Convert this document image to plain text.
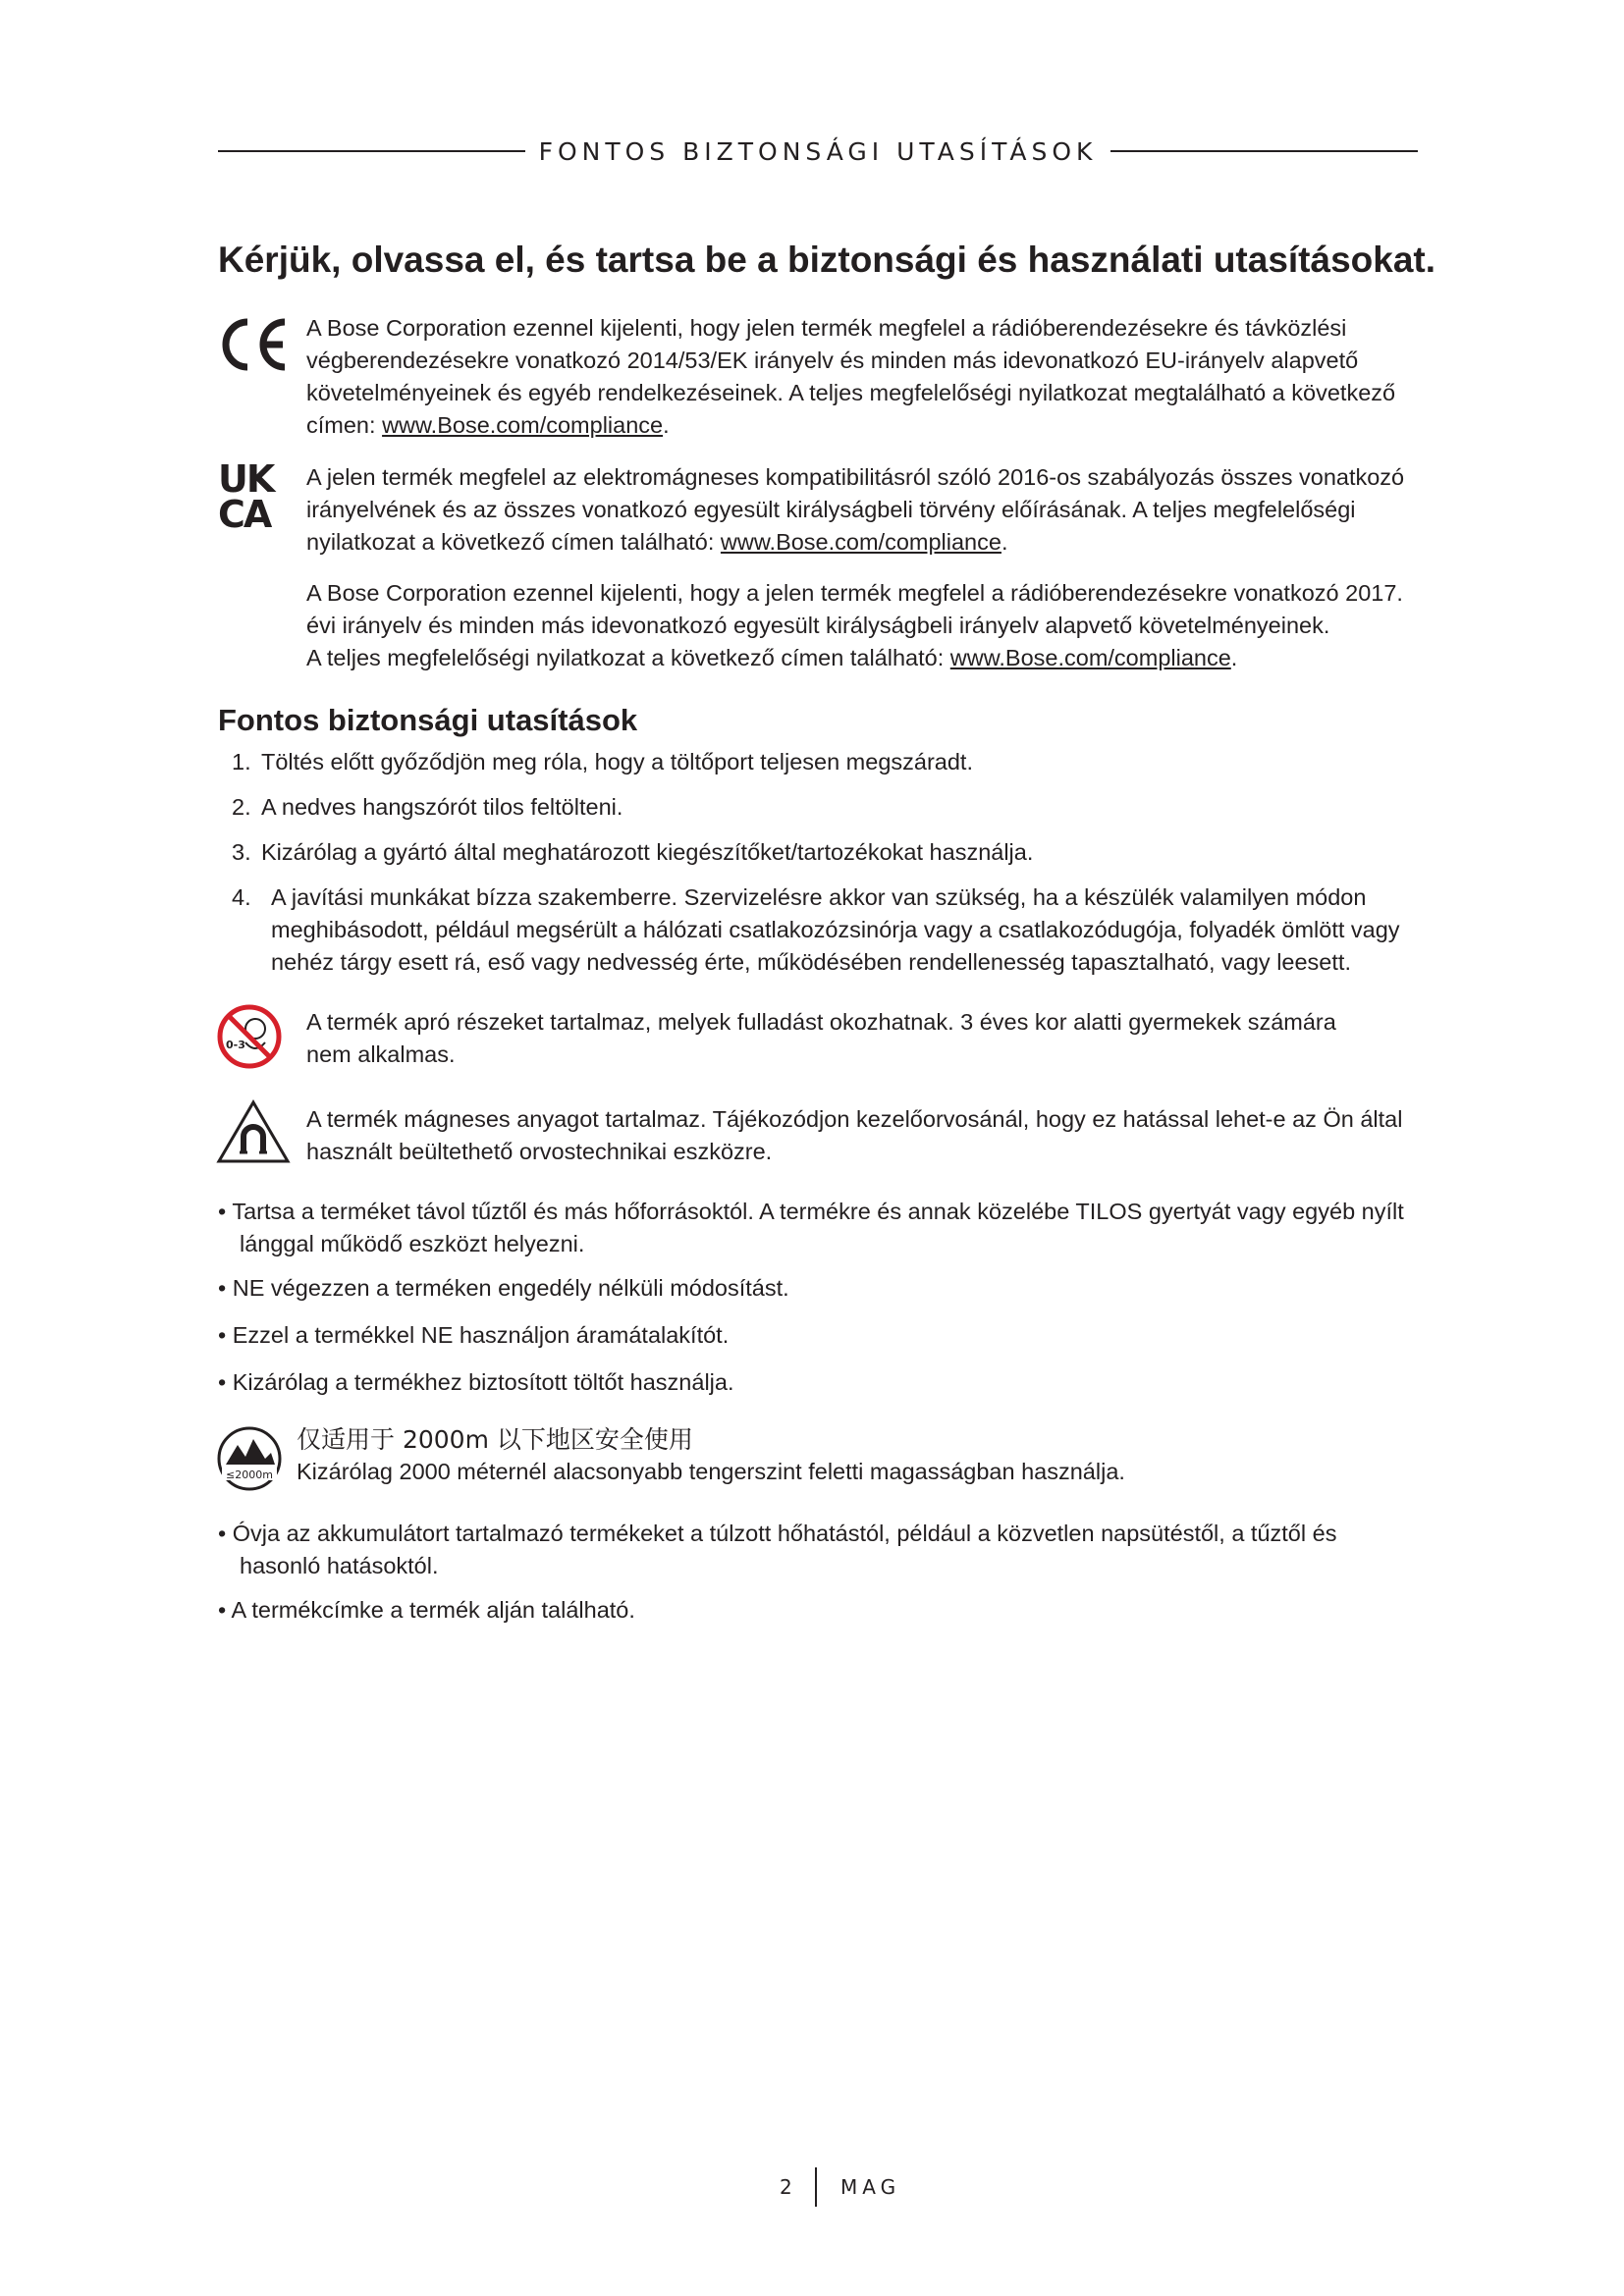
FONTOS BIZTONSÁGI UTASÍTÁSOK
Kérjük, olvassa el, és tartsa be a biztonsági és használati utasításokat.
A Bose Corporation ezennel kijelenti, hogy jelen termék megfelel a rádióberendezésekre és távközlési
végberendezésekre vonatkozó 2014/53/EK irányelv és minden más idevonatkozó EU-irányelv alapvető
követelményeinek és egyéb rendelkezéseinek. A teljes megfelelőségi nyilatkozat megtalálható a következő
címen: www.Bose.com/compliance.
UK
CA
A jelen termék megfelel az elektromágneses kompatibilitásról szóló 2016-os szabályozás összes vonatkozó
irányelvének és az összes vonatkozó egyesült királyságbeli törvény előírásának. A teljes megfelelőségi
nyilatkozat a következő címen található: www.Bose.com/compliance.
A Bose Corporation ezennel kijelenti, hogy a jelen termék megfelel a rádióberendezésekre vonatkozó 2017.
évi irányelv és minden más idevonatkozó egyesült királyságbeli irányelv alapvető követelményeinek.
A teljes megfelelőségi nyilatkozat a következő címen található: www.Bose.com/compliance.
Fontos biztonsági utasítások
1. Töltés előtt győződjön meg róla, hogy a töltőport teljesen megszáradt.
2. A nedves hangszórót tilos feltölteni.
3. Kizárólag a gyártó által meghatározott kiegészítőket/tartozékokat használja.
4. A javítási munkákat bízza szakemberre. Szervizelésre akkor van szükség, ha a készülék valamilyen módon
meghibásodott, például megsérült a hálózati csatlakozózsinórja vagy a csatlakozódugója, folyadék ömlött vagy
nehéz tárgy esett rá, eső vagy nedvesség érte, működésében rendellenesség tapasztalható, vagy leesett.
0-3
A termék apró részeket tartalmaz, melyek fulladást okozhatnak. 3 éves kor alatti gyermekek számára
nem alkalmas.
A termék mágneses anyagot tartalmaz. Tájékozódjon kezelőorvosánál, hogy ez hatással lehet-e az Ön által
használt beültethető orvostechnikai eszközre.
• Tartsa a terméket távol tűztől és más hőforrásoktól. A termékre és annak közelébe TILOS gyertyát vagy egyéb nyílt
lánggal működő eszközt helyezni.
• NE végezzen a terméken engedély nélküli módosítást.
• Ezzel a termékkel NE használjon áramátalakítót.
• Kizárólag a termékhez biztosított töltőt használja.
≤2000m
仅适用于 2000m 以下地区安全使用
Kizárólag 2000 méternél alacsonyabb tengerszint feletti magasságban használja.
• Óvja az akkumulátort tartalmazó termékeket a túlzott hőhatástól, például a közvetlen napsütéstől, a tűztől és
hasonló hatásoktól.
• A termékcímke a termék alján található.
2 MAG
